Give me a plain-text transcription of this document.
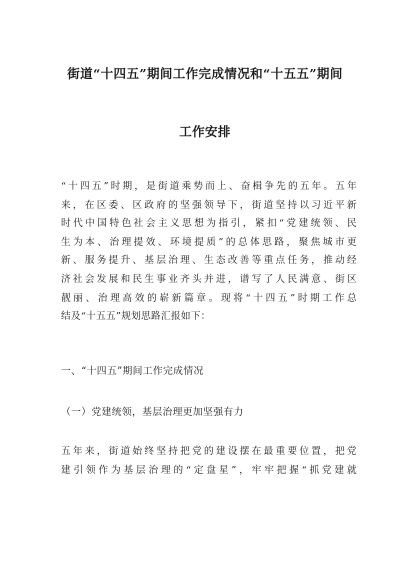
街道“十四五”期间工作完成情况和“十五五”期间
工作安排
“十四五”时期，是街道乘势而上、奋楫争先的五年。五年
来，在区委、区政府的坚强领导下，街道坚持以习近平新
时代中国特色社会主义思想为指引，紧扣“党建统领、民
生为本、治理提效、环境提质”的总体思路，聚焦城市更
新、服务提升、基层治理、生态改善等重点任务，推动经
济社会发展和民生事业齐头并进，谱写了人民满意、街区
靓丽、治理高效的崭新篇章。现将“十四五”时期工作总
结及“十五五”规划思路汇报如下：
一、“十四五”期间工作完成情况
（一）党建统领，基层治理更加坚强有力
五年来，街道始终坚持把党的建设摆在最重要位置，把党
建引领作为基层治理的“定盘星”，牢牢把握“抓党建就
